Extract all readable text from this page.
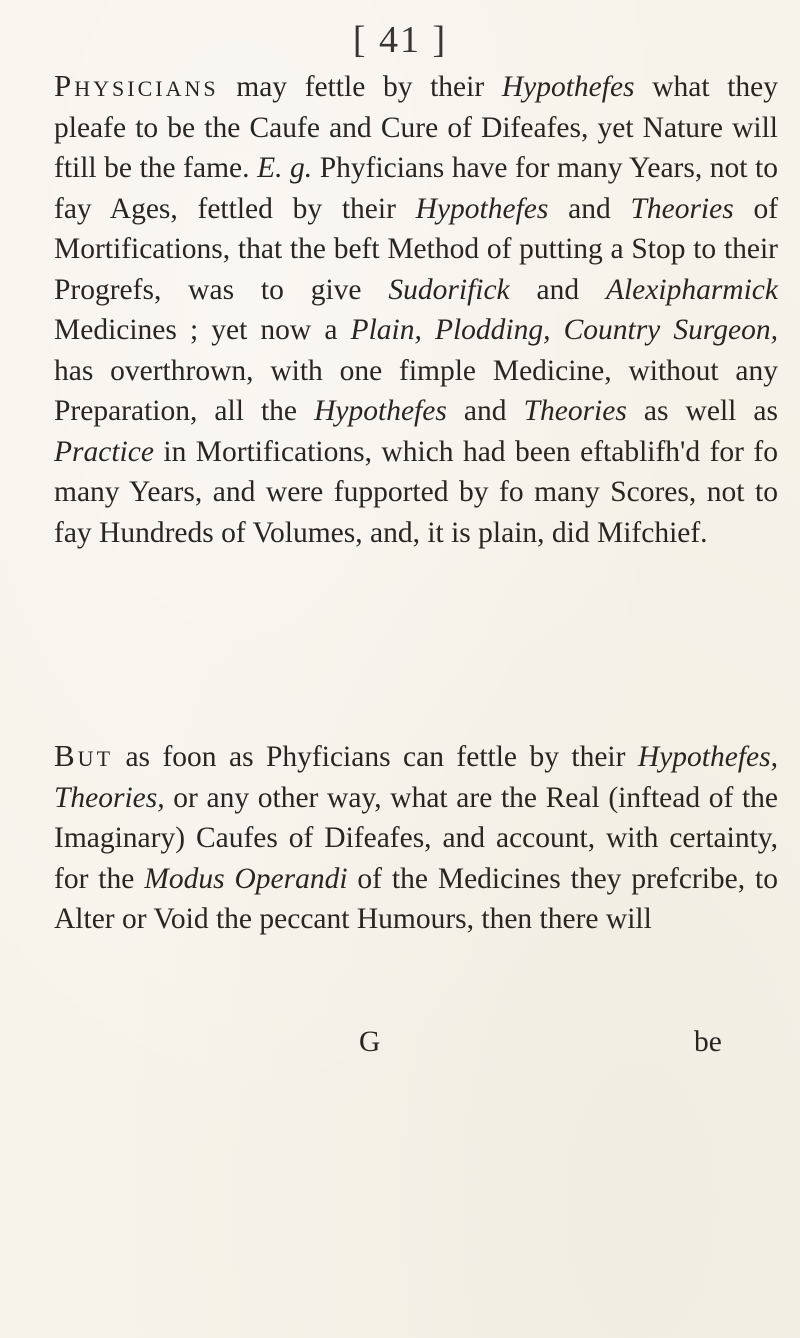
[ 41 ]
Physicians may fettle by their Hypothefes what they pleafe to be the Caufe and Cure of Difeafes, yet Nature will ftill be the fame. E. g. Phyficians have for many Years, not to fay Ages, fettled by their Hypothefes and Theories of Mortifications, that the beft Method of putting a Stop to their Progrefs, was to give Sudorifick and Alexipharmick Medicines ; yet now a Plain, Plodding, Country Surgeon, has overthrown, with one fimple Medicine, without any Preparation, all the Hypothefes and Theories as well as Practice in Mortifications, which had been eftablifh'd for fo many Years, and were fupported by fo many Scores, not to fay Hundreds of Volumes, and, it is plain, did Mifchief.
But as foon as Phyficians can fettle by their Hypothefes, Theories, or any other way, what are the Real (inftead of the Imaginary) Caufes of Difeafes, and account, with certainty, for the Modus Operandi of the Medicines they prefcribe, to Alter or Void the peccant Humours, then there will
G	be
